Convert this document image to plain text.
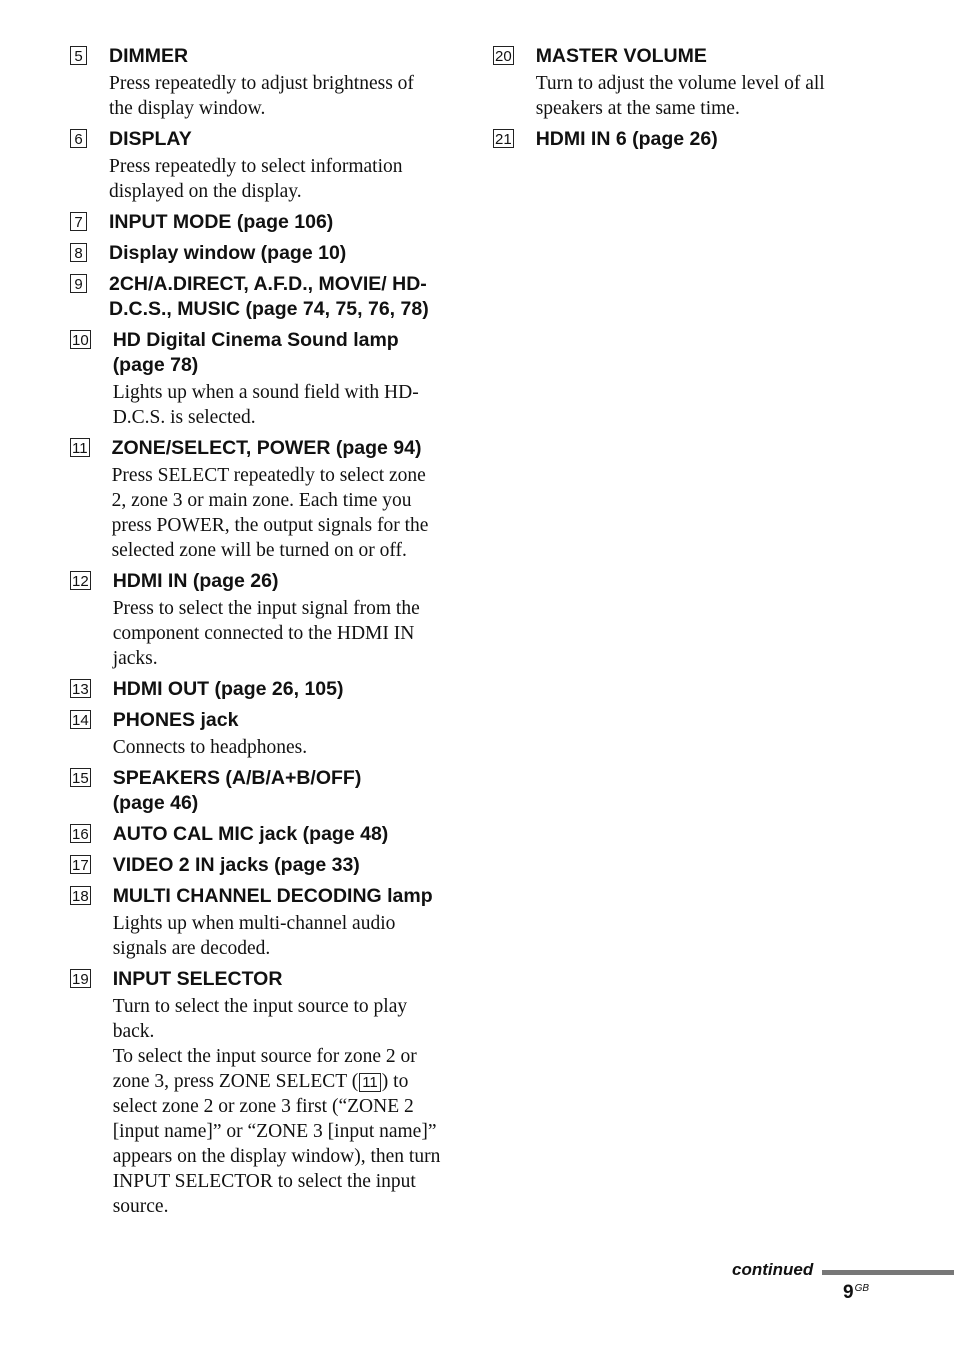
5 DIMMER
Press repeatedly to adjust brightness of
the display window.
6 DISPLAY
Press repeatedly to select information
displayed on the display.
7 INPUT MODE (page 106)
8 Display window (page 10)
9 2CH/A.DIRECT, A.F.D., MOVIE/ HD-D.C.S., MUSIC (page 74, 75, 76, 78)
10 HD Digital Cinema Sound lamp (page 78)
Lights up when a sound field with HD-
D.C.S. is selected.
11 ZONE/SELECT, POWER (page 94)
Press SELECT repeatedly to select zone
2, zone 3 or main zone. Each time you
press POWER, the output signals for the
selected zone will be turned on or off.
12 HDMI IN (page 26)
Press to select the input signal from the
component connected to the HDMI IN
jacks.
13 HDMI OUT (page 26, 105)
14 PHONES jack
Connects to headphones.
15 SPEAKERS (A/B/A+B/OFF)
(page 46)
16 AUTO CAL MIC jack (page 48)
17 VIDEO 2 IN jacks (page 33)
18 MULTI CHANNEL DECODING lamp
Lights up when multi-channel audio
signals are decoded.
19 INPUT SELECTOR
Turn to select the input source to play
back.
To select the input source for zone 2 or
zone 3, press ZONE SELECT ( 11 ) to
select zone 2 or zone 3 first (“ZONE 2
[input name]” or “ZONE 3 [input name]”
appears on the display window), then turn
INPUT SELECTOR to select the input
source.
20 MASTER VOLUME
Turn to adjust the volume level of all
speakers at the same time.
21 HDMI IN 6 (page 26)
continued
$9^{GB}$
